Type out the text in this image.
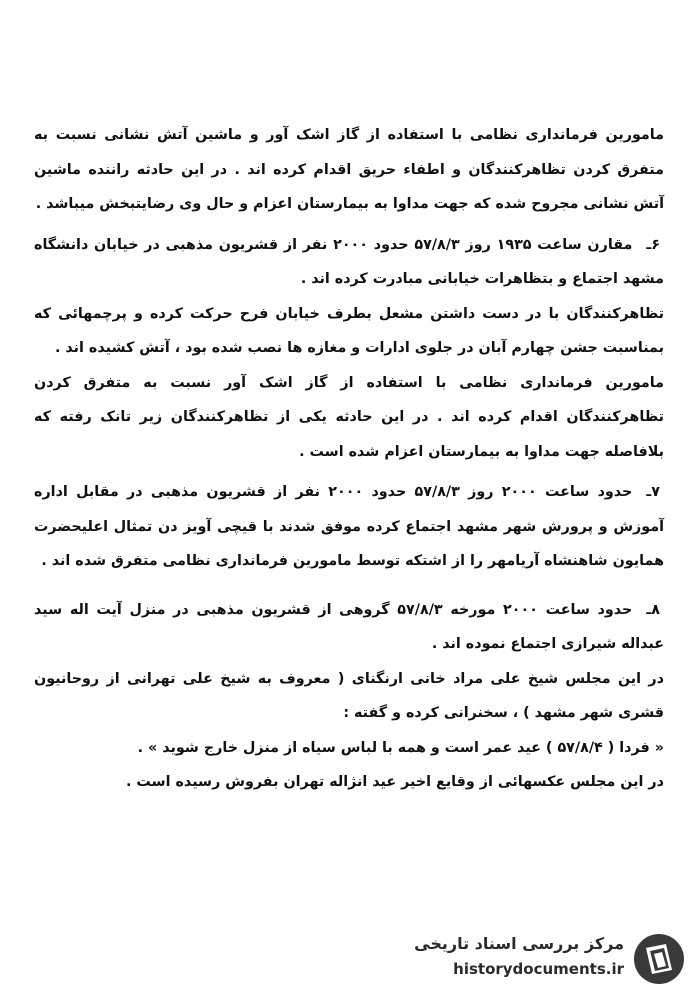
مامورین فرمانداری نظامی با استفاده از گاز اشک آور و ماشین آتش نشانی نسبت به متفرق کردن تظاهرکنندگان و اطفاء حریق اقدام کرده اند . در این حادثه راننده ماشین آتش نشانی مجروح شده که جهت مداوا به بیمارستان اعزام و حال وی رضایتبخش میباشد .

۶ـمقارن ساعت ۱۹۳۵ روز ۵۷/۸/۳ حدود ۲۰۰۰ نفر از قشریون مذهبی در خیابان دانشگاه مشهد اجتماع و بتظاهرات خیابانی مبادرت کرده اند .

تظاهرکنندگان با در دست داشتن مشعل بطرف خیابان فرح حرکت کرده و پرچمهائی که بمناسبت جشن چهارم آبان در جلوی ادارات و مغازه ها نصب شده بود ، آتش کشیده اند .

مامورین فرمانداری نظامی با استفاده از گاز اشک آور نسبت به متفرق کردن تظاهرکنندگان اقدام کرده اند . در این حادثه یکی از تظاهرکنندگان زیر تانک رفته که بلافاصله جهت مداوا به بیمارستان اعزام شده است .

۷ـحدود ساعت ۲۰۰۰ روز ۵۷/۸/۳ حدود ۲۰۰۰ نفر از قشریون مذهبی در مقابل اداره آموزش و پرورش شهر مشهد اجتماع کرده موفق شدند با قیچی آویز دن تمثال اعلیحضرت همایون شاهنشاه آریامهر را از اشتکه توسط مامورین فرمانداری نظامی متفرق شده اند .

۸ـحدود ساعت ۲۰۰۰ مورخه ۵۷/۸/۳ گروهی از قشریون مذهبی در منزل آیت اله سید عبداله شیرازی اجتماع نموده اند .

در این مجلس شیخ علی مراد خانی ارنگنای ( معروف به شیخ علی تهرانی از روحانیون قشری شهر مشهد ) ، سخنرانی کرده و گفته :

« فردا ( ۵۷/۸/۴ ) عید عمر است و همه با لباس سیاه از منزل خارج شوید » .

در این مجلس عکسهائی از وقایع اخیر عید انژاله تهران بفروش رسیده است .

مرکز بررسی اسناد تاریخی
historydocuments.ir
